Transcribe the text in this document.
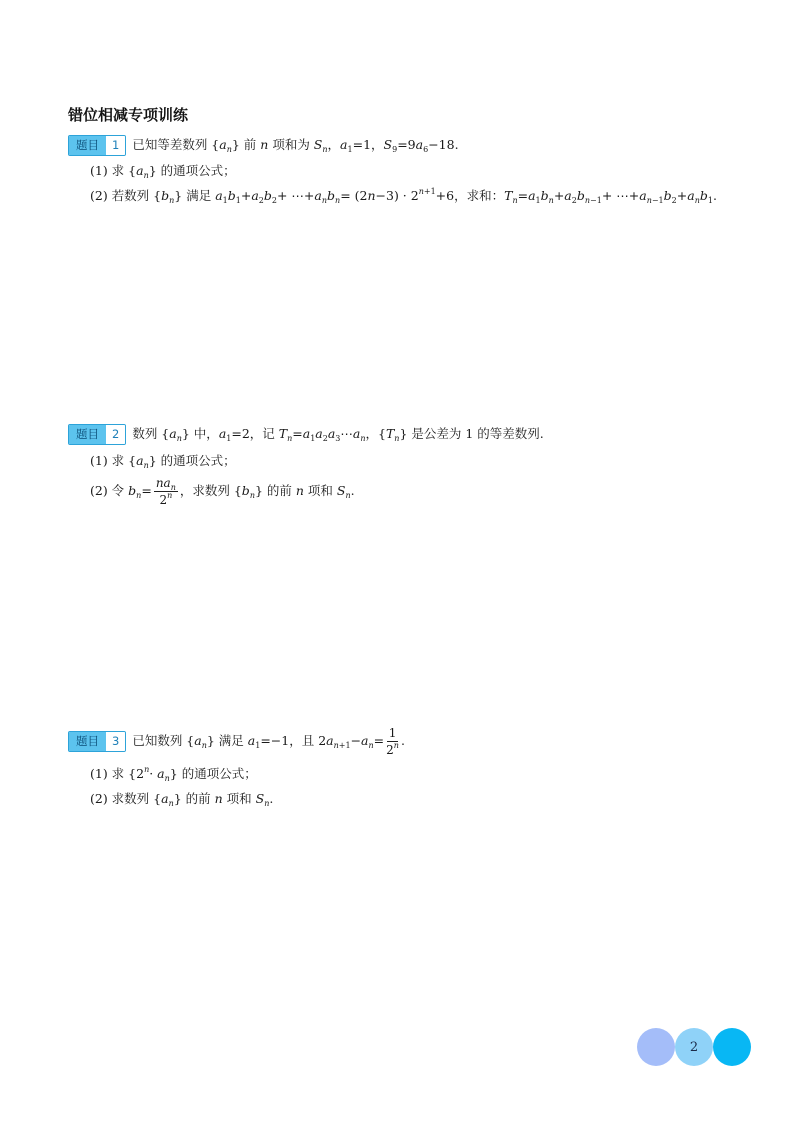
错位相减专项训练
题目	1	已知等差数列 $\{a_n\}$ 前 n 项和为 $S_n$，$a_1=1$，$S_9=9a_6-18$.
(1) 求 $\{a_n\}$ 的通项公式；
(2) 若数列 $\{b_n\}$ 满足 $a_1b_1+a_2b_2+$ $\cdots+a_nb_n= (2n-3) \cdot 2^{n+1}+6$，求和：$T_n=a_1b_n+a_2b_{n-1}+$ $\cdots+a_{n-1}b_2+a_nb_1$.
题目	2	数列 $\{a_n\}$ 中，$a_1=2$，记 $T_n=a_1a_2a_3\cdots a_n$，$\{T_n\}$ 是公差为 1 的等差数列.
(1) 求 $\{a_n\}$ 的通项公式；
(2) 令 $b_n= \frac{na_n}{2^n}$ ，求数列 $\{b_n\}$ 的前 n 项和 $S_n$.
题目	3	已知数列 $\{a_n\}$ 满足 $a_1=-1$，且 $2a_{n+1}-a_n= \frac{1}{2^n}$ .
(1) 求 $\{2^n\cdot a_n\}$ 的通项公式；
(2) 求数列 $\{a_n\}$ 的前 n 项和 $S_n$.
2
